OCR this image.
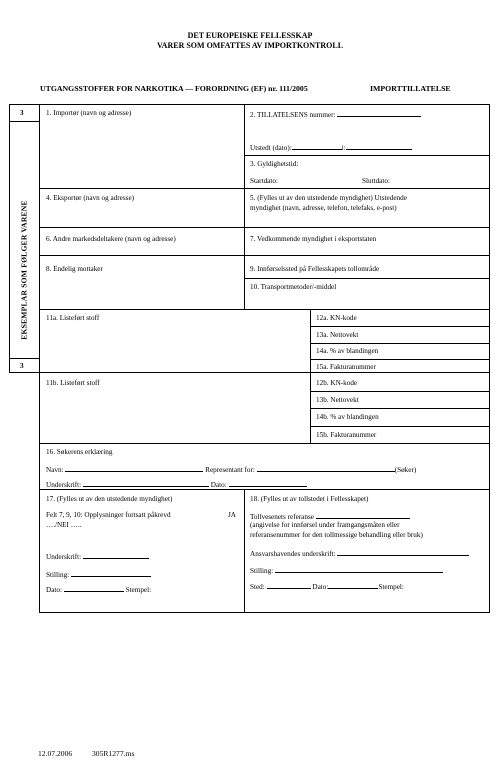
DET EUROPEISKE FELLESSKAP
VARER SOM OMFATTES AV IMPORTKONTROLL
UTGANGSSTOFFER FOR NARKOTIKA — FORORDNING (EF) nr. 111/2005	IMPORTTILLATELSE
3
EKSEMPLAR SOM FØLGER VARENE
3
1. Importør (navn og adresse)	2. TILLATELSENS nummer:
Utstedt (dato):	i:
3. Gyldighetstid:
Startdato:	Sluttdato:
4. Eksportør (navn og adresse)	5. (Fylles ut av den utstedende myndighet) Utstedende
myndighet (navn, adresse, telefon, telefaks, e-post)
6. Andre markedsdeltakere (navn og adresse)	7. Vedkommende myndighet i eksportstaten
8. Endelig mottaker	9. Innførselssted på Fellesskapets tollområde
10. Transportmetoder/-middel
11a. Listeført stoff	12a. KN-kode
13a. Nettovekt
14a. % av blandingen
15a. Fakturanummer
11b. Listeført stoff	12b. KN-kode
13b. Nettovekt
14b. % av blandingen
15b. Fakturanummer
16. Søkerens erklæring
Navn:	Representant for:	(Søker)
Underskrift:	Dato:
17. (Fylles ut av den utstedende myndighet)
Felt 7, 9, 10: Opplysninger fortsatt påkrevd	JA
…./NEI …..
Underskrift:
Stilling:
Dato:	Stempel:
18. (Fylles ut av tollstedet i Fellesskapet)
Tollvesenets referanse
(angivelse for innførsel under framgangsmåten eller
referansenummer for den tollmessige behandling eller bruk)
Ansvarshavendes underskrift:
Stilling:
Sted:	Dato:	Stempel:
12.07.2006	305R1277.ms
